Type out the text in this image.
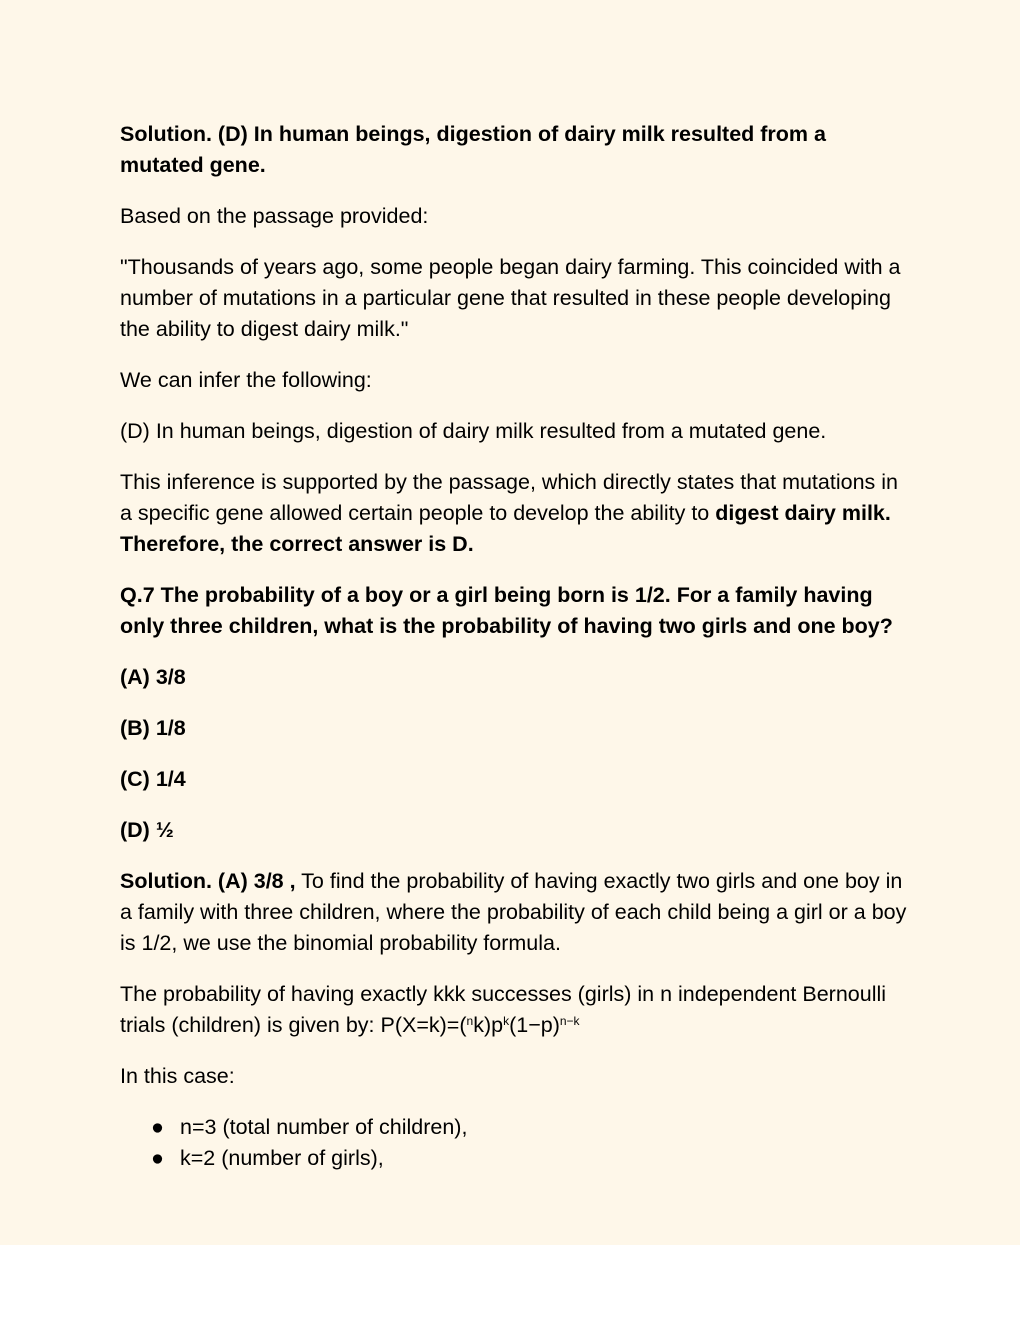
Solution. (D) In human beings, digestion of dairy milk resulted from a mutated gene.

Based on the passage provided:

"Thousands of years ago, some people began dairy farming. This coincided with a number of mutations in a particular gene that resulted in these people developing the ability to digest dairy milk."

We can infer the following:

(D) In human beings, digestion of dairy milk resulted from a mutated gene.

This inference is supported by the passage, which directly states that mutations in a specific gene allowed certain people to develop the ability to digest dairy milk. Therefore, the correct answer is D.

Q.7 The probability of a boy or a girl being born is 1/2. For a family having only three children, what is the probability of having two girls and one boy?

(A) 3/8

(B) 1/8

(C) 1/4

(D) ½

Solution. (A) 3/8 , To find the probability of having exactly two girls and one boy in a family with three children, where the probability of each child being a girl or a boy is 1/2, we use the binomial probability formula.

The probability of having exactly kkk successes (girls) in n independent Bernoulli trials (children) is given by: $P(X=k)=(^nk)p^k(1-p)^{n-k}$

In this case:

● n=3 (total number of children),
● k=2 (number of girls),
